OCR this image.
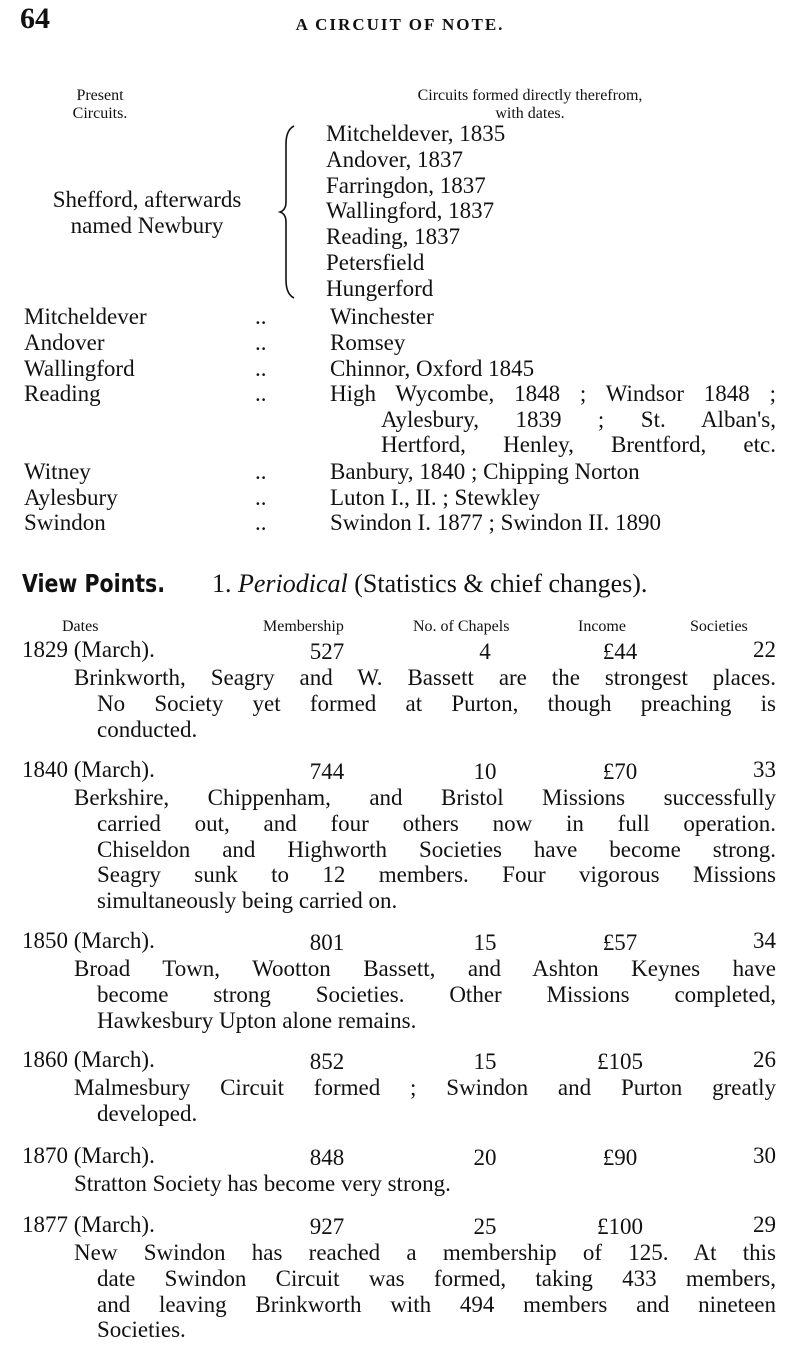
64	A CIRCUIT OF NOTE.
Present
Circuits.
Circuits formed directly therefrom,
with dates.
Shefford, afterwards
named Newbury
Mitcheldever, 1835
Andover, 1837
Farringdon, 1837
Wallingford, 1837
Reading, 1837
Petersfield
Hungerford
Mitcheldever	..	Winchester
Andover	..	Romsey
Wallingford	..	Chinnor, Oxford 1845
Reading	..	High Wycombe, 1848 ; Windsor 1848 ;
Aylesbury, 1839 ; St. Alban's,
Hertford, Henley, Brentford, etc.
Witney	..	Banbury, 1840 ; Chipping Norton
Aylesbury	..	Luton I., II. ; Stewkley
Swindon	..	Swindon I. 1877 ; Swindon II. 1890
View Points. 1. Periodical (Statistics & chief changes).
Dates	Membership	No. of Chapels	Income	Societies
1829 (March).	527	4	£44	22
Brinkworth, Seagry and W. Bassett are the strongest places.
No Society yet formed at Purton, though preaching is
conducted.
1840 (March).	744	10	£70	33
Berkshire, Chippenham, and Bristol Missions successfully
carried out, and four others now in full operation.
Chiseldon and Highworth Societies have become strong.
Seagry sunk to 12 members. Four vigorous Missions
simultaneously being carried on.
1850 (March).	801	15	£57	34
Broad Town, Wootton Bassett, and Ashton Keynes have
become strong Societies. Other Missions completed,
Hawkesbury Upton alone remains.
1860 (March).	852	15	£105	26
Malmesbury Circuit formed ; Swindon and Purton greatly
developed.
1870 (March).	848	20	£90	30
Stratton Society has become very strong.
1877 (March).	927	25	£100	29
New Swindon has reached a membership of 125. At this
date Swindon Circuit was formed, taking 433 members,
and leaving Brinkworth with 494 members and nineteen
Societies.
